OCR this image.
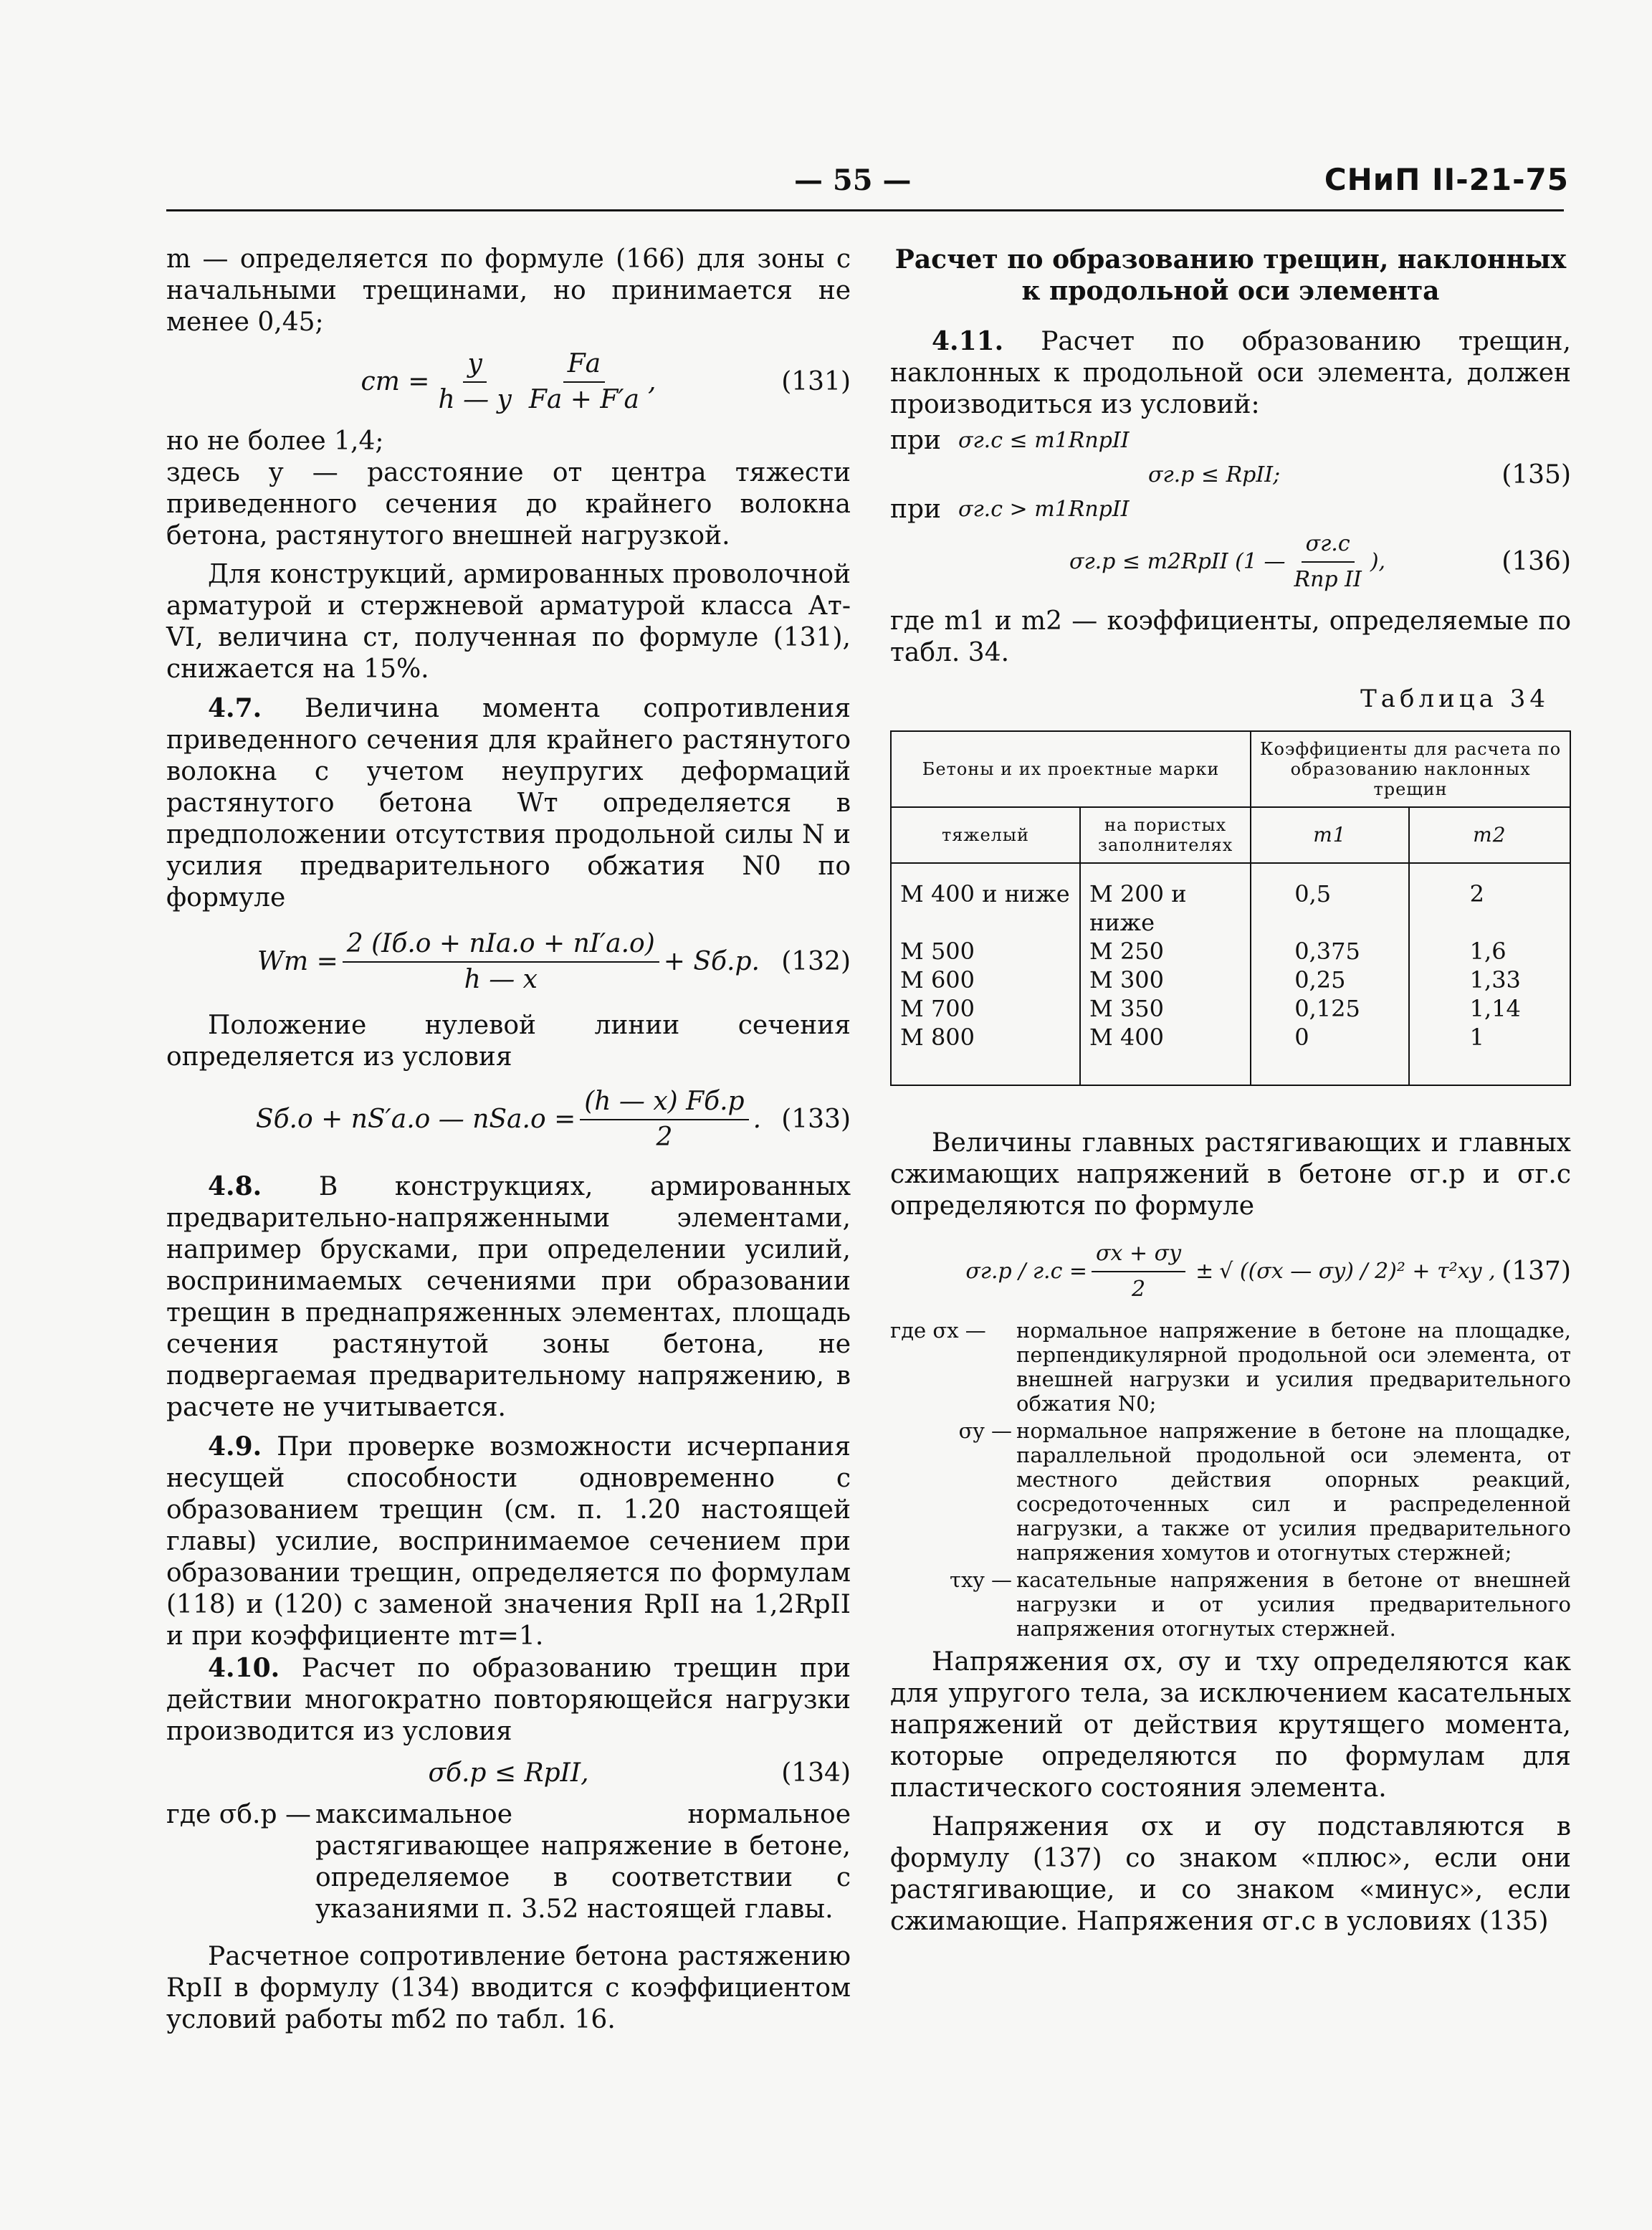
— 55 —	СНиП II-21-75

m — определяется по формуле (166) для зоны с начальными трещинами, но принимается не менее 0,45;

cт = $\frac{y}{h — y} \frac{Fа}{Fа + F'а}$ ,	(131)

но не более 1,4;

здесь y — расстояние от центра тяжести приведенного сечения до крайнего волокна бетона, растянутого внешней нагрузкой.

Для конструкций, армированных проволочной арматурой и стержневой арматурой класса Ат-VI, величина cт, полученная по формуле (131), снижается на 15%.

4.7. Величина момента сопротивления приведенного сечения для крайнего растянутого волокна с учетом неупругих деформаций растянутого бетона Wт определяется в предположении отсутствия продольной силы N и усилия предварительного обжатия N0 по формуле

Wт = $\frac{\text{2 (Iб.о + nIа.о + nI′а.о)}}{h — x} + Sб.р$. (132)

Положение нулевой линии сечения определяется из условия

Sб.о + nS′а.о — $nSа.о = \frac{(h — x) Fб.р}{2}$ . (133)

4.8. В конструкциях, армированных предварительно-напряженными элементами, например брусками, при определении усилий, воспринимаемых сечениями при образовании трещин в преднапряженных элементах, площадь сечения растянутой зоны бетона, не подвергаемая предварительному напряжению, в расчете не учитывается.

4.9. При проверке возможности исчерпания несущей способности одновременно с образованием трещин (см. п. 1.20 настоящей главы) усилие, воспринимаемое сечением при образовании трещин, определяется по формулам (118) и (120) с заменой значения RрII на 1,2RрII и при коэффициенте mт=1.

4.10. Расчет по образованию трещин при действии многократно повторяющейся нагрузки производится из условия

σб.р ≤ RрII,	(134)
где σб.р — максимальное нормальное растягивающее напряжение в бетоне, определяемое в соответствии с указаниями п. 3.52 настоящей главы.

Расчетное сопротивление бетона растяжению RрII в формулу (134) вводится с коэффициентом условий работы mб2 по табл. 16.

Расчет по образованию трещин, наклонных к продольной оси элемента

4.11. Расчет по образованию трещин, наклонных к продольной оси элемента, должен производиться из условий:

при σг.с ≤ m1RпрII
σг.р ≤ RрII;	(135)
при σг.с > m1RпрII
σг.р ≤ m2RрII (1 — $\frac{\sigma г.с}{\text{Rпр II}}$ ),	(136)

где m1 и m2 — коэффициенты, определяемые по табл. 34.

Таблица 34
Бетоны и их проектные марки		Коэффициенты для расчета по образованию наклонных трещин	
тяжелый	на пористых заполнителях	m1	m2
М 400 и ниже	М 200 и ниже	0,5	2
М 500	М 250	0,375	1,6
М 600	М 300	0,25	1,33
М 700	М 350	0,125	1,14
М 800	М 400	0	1

Величины главных растягивающих и главных сжимающих напряжений в бетоне σг.р и σг.с определяются по формуле

$\sigma г.р / г.с = \frac{\sigma x + \sigma y}{2}$ ± √ ((σx — σy) / 2)² + τ²xy , (137)
где σx —	нормальное напряжение в бетоне на площадке, перпендикулярной продольной оси элемента, от внешней нагрузки и усилия предварительного обжатия N0;
σy — нормальное напряжение в бетоне на площадке, параллельной продольной оси элемента, от местного действия опорных реакций, сосредоточенных сил и распределенной нагрузки, а также от усилия предварительного напряжения хомутов и отогнутых стержней;
τxy — касательные напряжения в бетоне от внешней нагрузки и от усилия предварительного напряжения отогнутых стержней.

Напряжения σx, σy и τxy определяются как для упругого тела, за исключением касательных напряжений от действия крутящего момента, которые определяются по формулам для пластического состояния элемента.

Напряжения σx и σy подставляются в формулу (137) со знаком «плюс», если они растягивающие, и со знаком «минус», если сжимающие. Напряжения σг.с в условиях (135)
